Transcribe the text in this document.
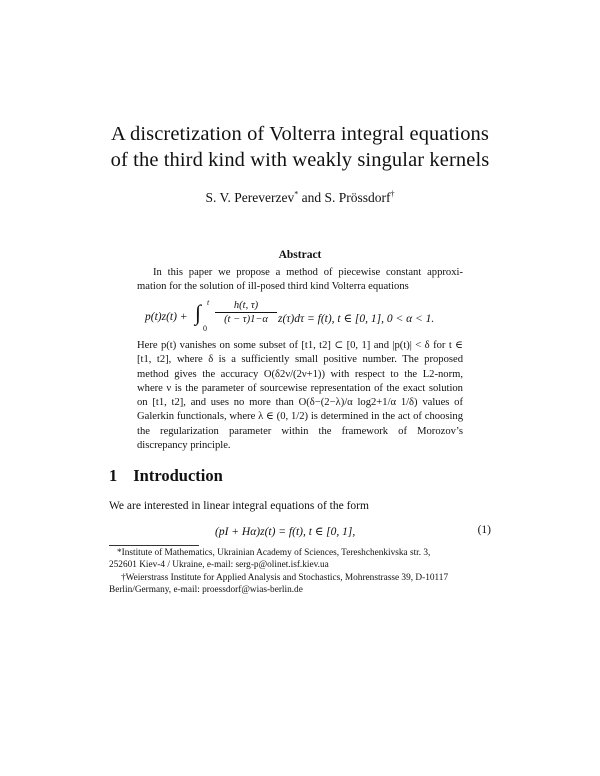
A discretization of Volterra integral equations
of the third kind with weakly singular kernels
S. V. Pereverzev* and S. Prössdorf†
Abstract
In this paper we propose a method of piecewise constant approxi- mation for the solution of ill-posed third kind Volterra equations
p(t)z(t) + ∫ t
0
$\frac{h(t, \tau)}{(t - \tau)1-\alpha} z(\tau)d\tau = f(t)$, t ∈ [0, 1], 0 < α < 1.
Here p(t) vanishes on some subset of [t1, t2] ⊂ [0, 1] and |p(t)| < δ for t ∈ [t1, t2], where δ is a sufficiently small positive number. The proposed method gives the accuracy O(δ2ν/(2ν+1)) with respect to the L2-norm, where ν is the parameter of sourcewise representation of the exact solution on [t1, t2], and uses no more than O(δ−(2−λ)/α log2+1/α 1/δ) values of Galerkin functionals, where λ ∈ (0, 1/2) is determined in the act of choosing the regularization parameter within the framework of Morozov’s discrepancy principle.
1 Introduction
We are interested in linear integral equations of the form
(pI + Hα)z(t) = f(t), t ∈ [0, 1],	(1)
*Institute of Mathematics, Ukrainian Academy of Sciences, Tereshchenkivska str. 3,
252601 Kiev-4 / Ukraine, e-mail: serg-p@olinet.isf.kiev.ua
†Weierstrass Institute for Applied Analysis and Stochastics, Mohrenstrasse 39, D-10117
Berlin/Germany, e-mail: proessdorf@wias-berlin.de
